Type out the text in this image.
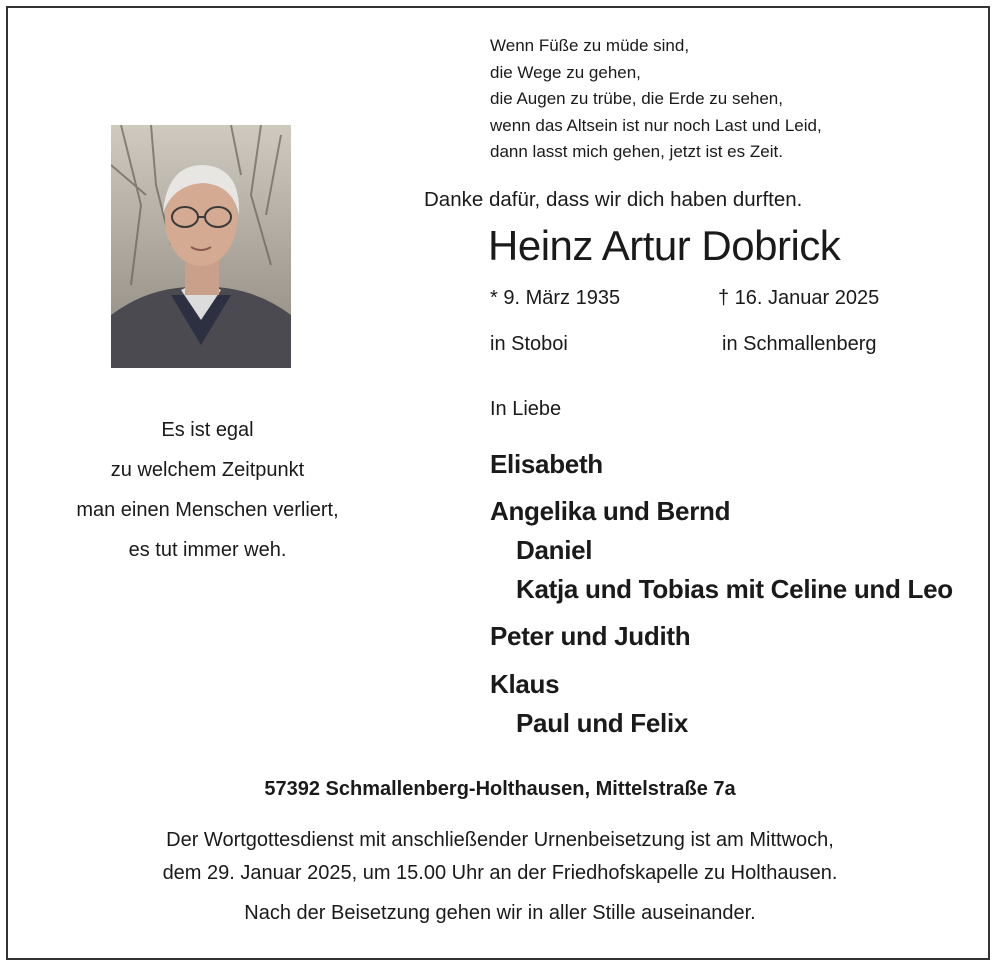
Wenn Füße zu müde sind,
die Wege zu gehen,
die Augen zu trübe, die Erde zu sehen,
wenn das Altsein ist nur noch Last und Leid,
dann lasst mich gehen, jetzt ist es Zeit.
Danke dafür, dass wir dich haben durften.
Heinz Artur Dobrick
* 9. März 1935	† 16. Januar 2025
in Stoboi	in Schmallenberg
Es ist egal
zu welchem Zeitpunkt
man einen Menschen verliert,
es tut immer weh.
In Liebe
Elisabeth
Angelika und Bernd
Daniel
Katja und Tobias mit Celine und Leo
Peter und Judith
Klaus
Paul und Felix
57392 Schmallenberg-Holthausen, Mittelstraße 7a
Der Wortgottesdienst mit anschließender Urnenbeisetzung ist am Mittwoch,
dem 29. Januar 2025, um 15.00 Uhr an der Friedhofskapelle zu Holthausen.
Nach der Beisetzung gehen wir in aller Stille auseinander.
